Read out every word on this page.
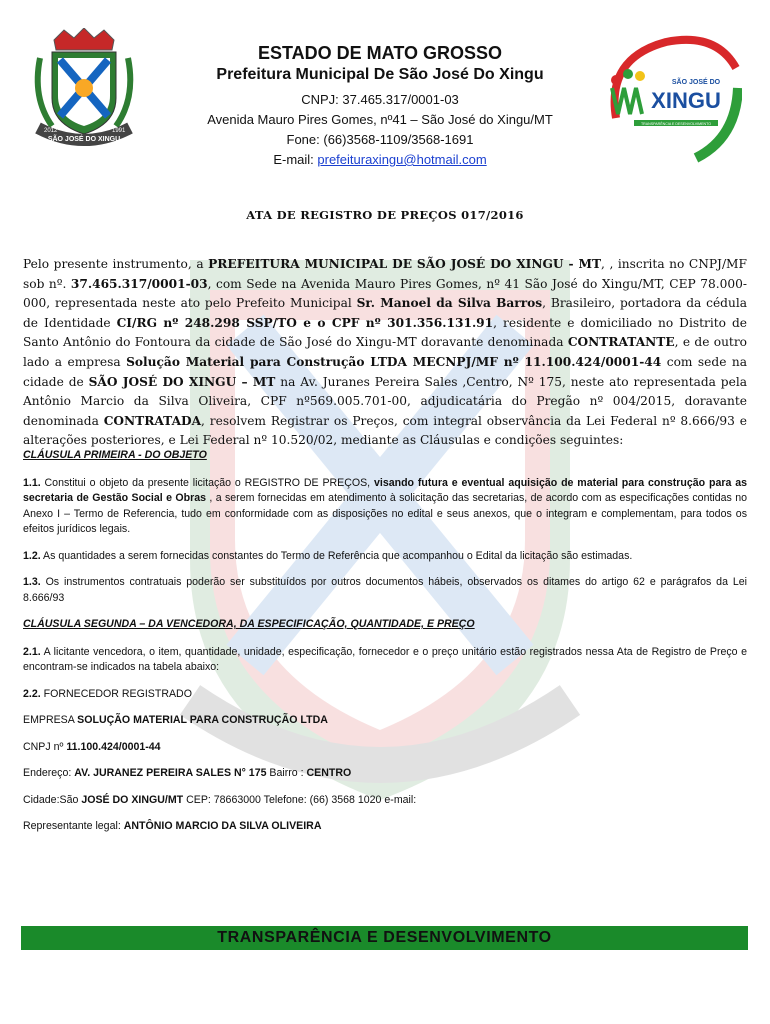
SÃO JOSÉ DO XINGU
2012	1991
SÃO JOSÉ DO
XINGU
TRANSPARÊNCIA E DESENVOLVIMENTO
ESTADO DE MATO GROSSO
Prefeitura Municipal De São José Do Xingu
CNPJ: 37.465.317/0001-03
Avenida Mauro Pires Gomes, nº41 – São José do Xingu/MT
Fone: (66)3568-1109/3568-1691
E-mail: prefeituraxingu@hotmail.com
ATA DE REGISTRO DE PREÇOS 017/2016
Pelo presente instrumento, a PREFEITURA MUNICIPAL DE SÃO JOSÉ DO XINGU - MT, , inscrita no CNPJ/MF sob nº. 37.465.317/0001-03, com Sede na Avenida Mauro Pires Gomes, nº 41 São José do Xingu/MT, CEP 78.000-000, representada neste ato pelo Prefeito Municipal Sr. Manoel da Silva Barros, Brasileiro, portadora da cédula de Identidade CI/RG nº 248.298 SSP/TO e o CPF nº 301.356.131.91, residente e domiciliado no Distrito de Santo Antônio do Fontoura da cidade de São José do Xingu-MT doravante denominada CONTRATANTE, e de outro lado a empresa Solução Material para Construção LTDA MECNPJ/MF nº 11.100.424/0001-44 com sede na cidade de SÃO JOSÉ DO XINGU – MT na Av. Juranes Pereira Sales ,Centro, Nº 175, neste ato representada pela Antônio Marcio da Silva Oliveira, CPF nº569.005.701-00, adjudicatária do Pregão nº 004/2015, doravante denominada CONTRATADA, resolvem Registrar os Preços, com integral observância da Lei Federal nº 8.666/93 e alterações posteriores, e Lei Federal nº 10.520/02, mediante as Cláusulas e condições seguintes:
CLÁUSULA PRIMEIRA - DO OBJETO

1.1. Constitui o objeto da presente licitação o REGISTRO DE PREÇOS, visando futura e eventual aquisição de material para construção para as secretaria de Gestão Social e Obras , a serem fornecidas em atendimento à solicitação das secretarias, de acordo com as especificações contidas no Anexo I – Termo de Referencia, tudo em conformidade com as disposições no edital e seus anexos, que o integram e complementam, para todos os efeitos jurídicos legais.

1.2. As quantidades a serem fornecidas constantes do Termo de Referência que acompanhou o Edital da licitação são estimadas.

1.3. Os instrumentos contratuais poderão ser substituídos por outros documentos hábeis, observados os ditames do artigo 62 e parágrafos da Lei 8.666/93

CLÁUSULA SEGUNDA – DA VENCEDORA, DA ESPECIFICAÇÃO, QUANTIDADE, E PREÇO

2.1. A licitante vencedora, o item, quantidade, unidade, especificação, fornecedor e o preço unitário estão registrados nessa Ata de Registro de Preço e encontram-se indicados na tabela abaixo:

2.2. FORNECEDOR REGISTRADO

EMPRESA SOLUÇÃO MATERIAL PARA CONSTRUÇÃO LTDA

CNPJ nº 11.100.424/0001-44

Endereço: AV. JURANEZ PEREIRA SALES N° 175 Bairro : CENTRO

Cidade:São JOSÉ DO XINGU/MT CEP: 78663000 Telefone: (66) 3568 1020 e-mail:

Representante legal: ANTÔNIO MARCIO DA SILVA OLIVEIRA

TRANSPARÊNCIA E DESENVOLVIMENTO
